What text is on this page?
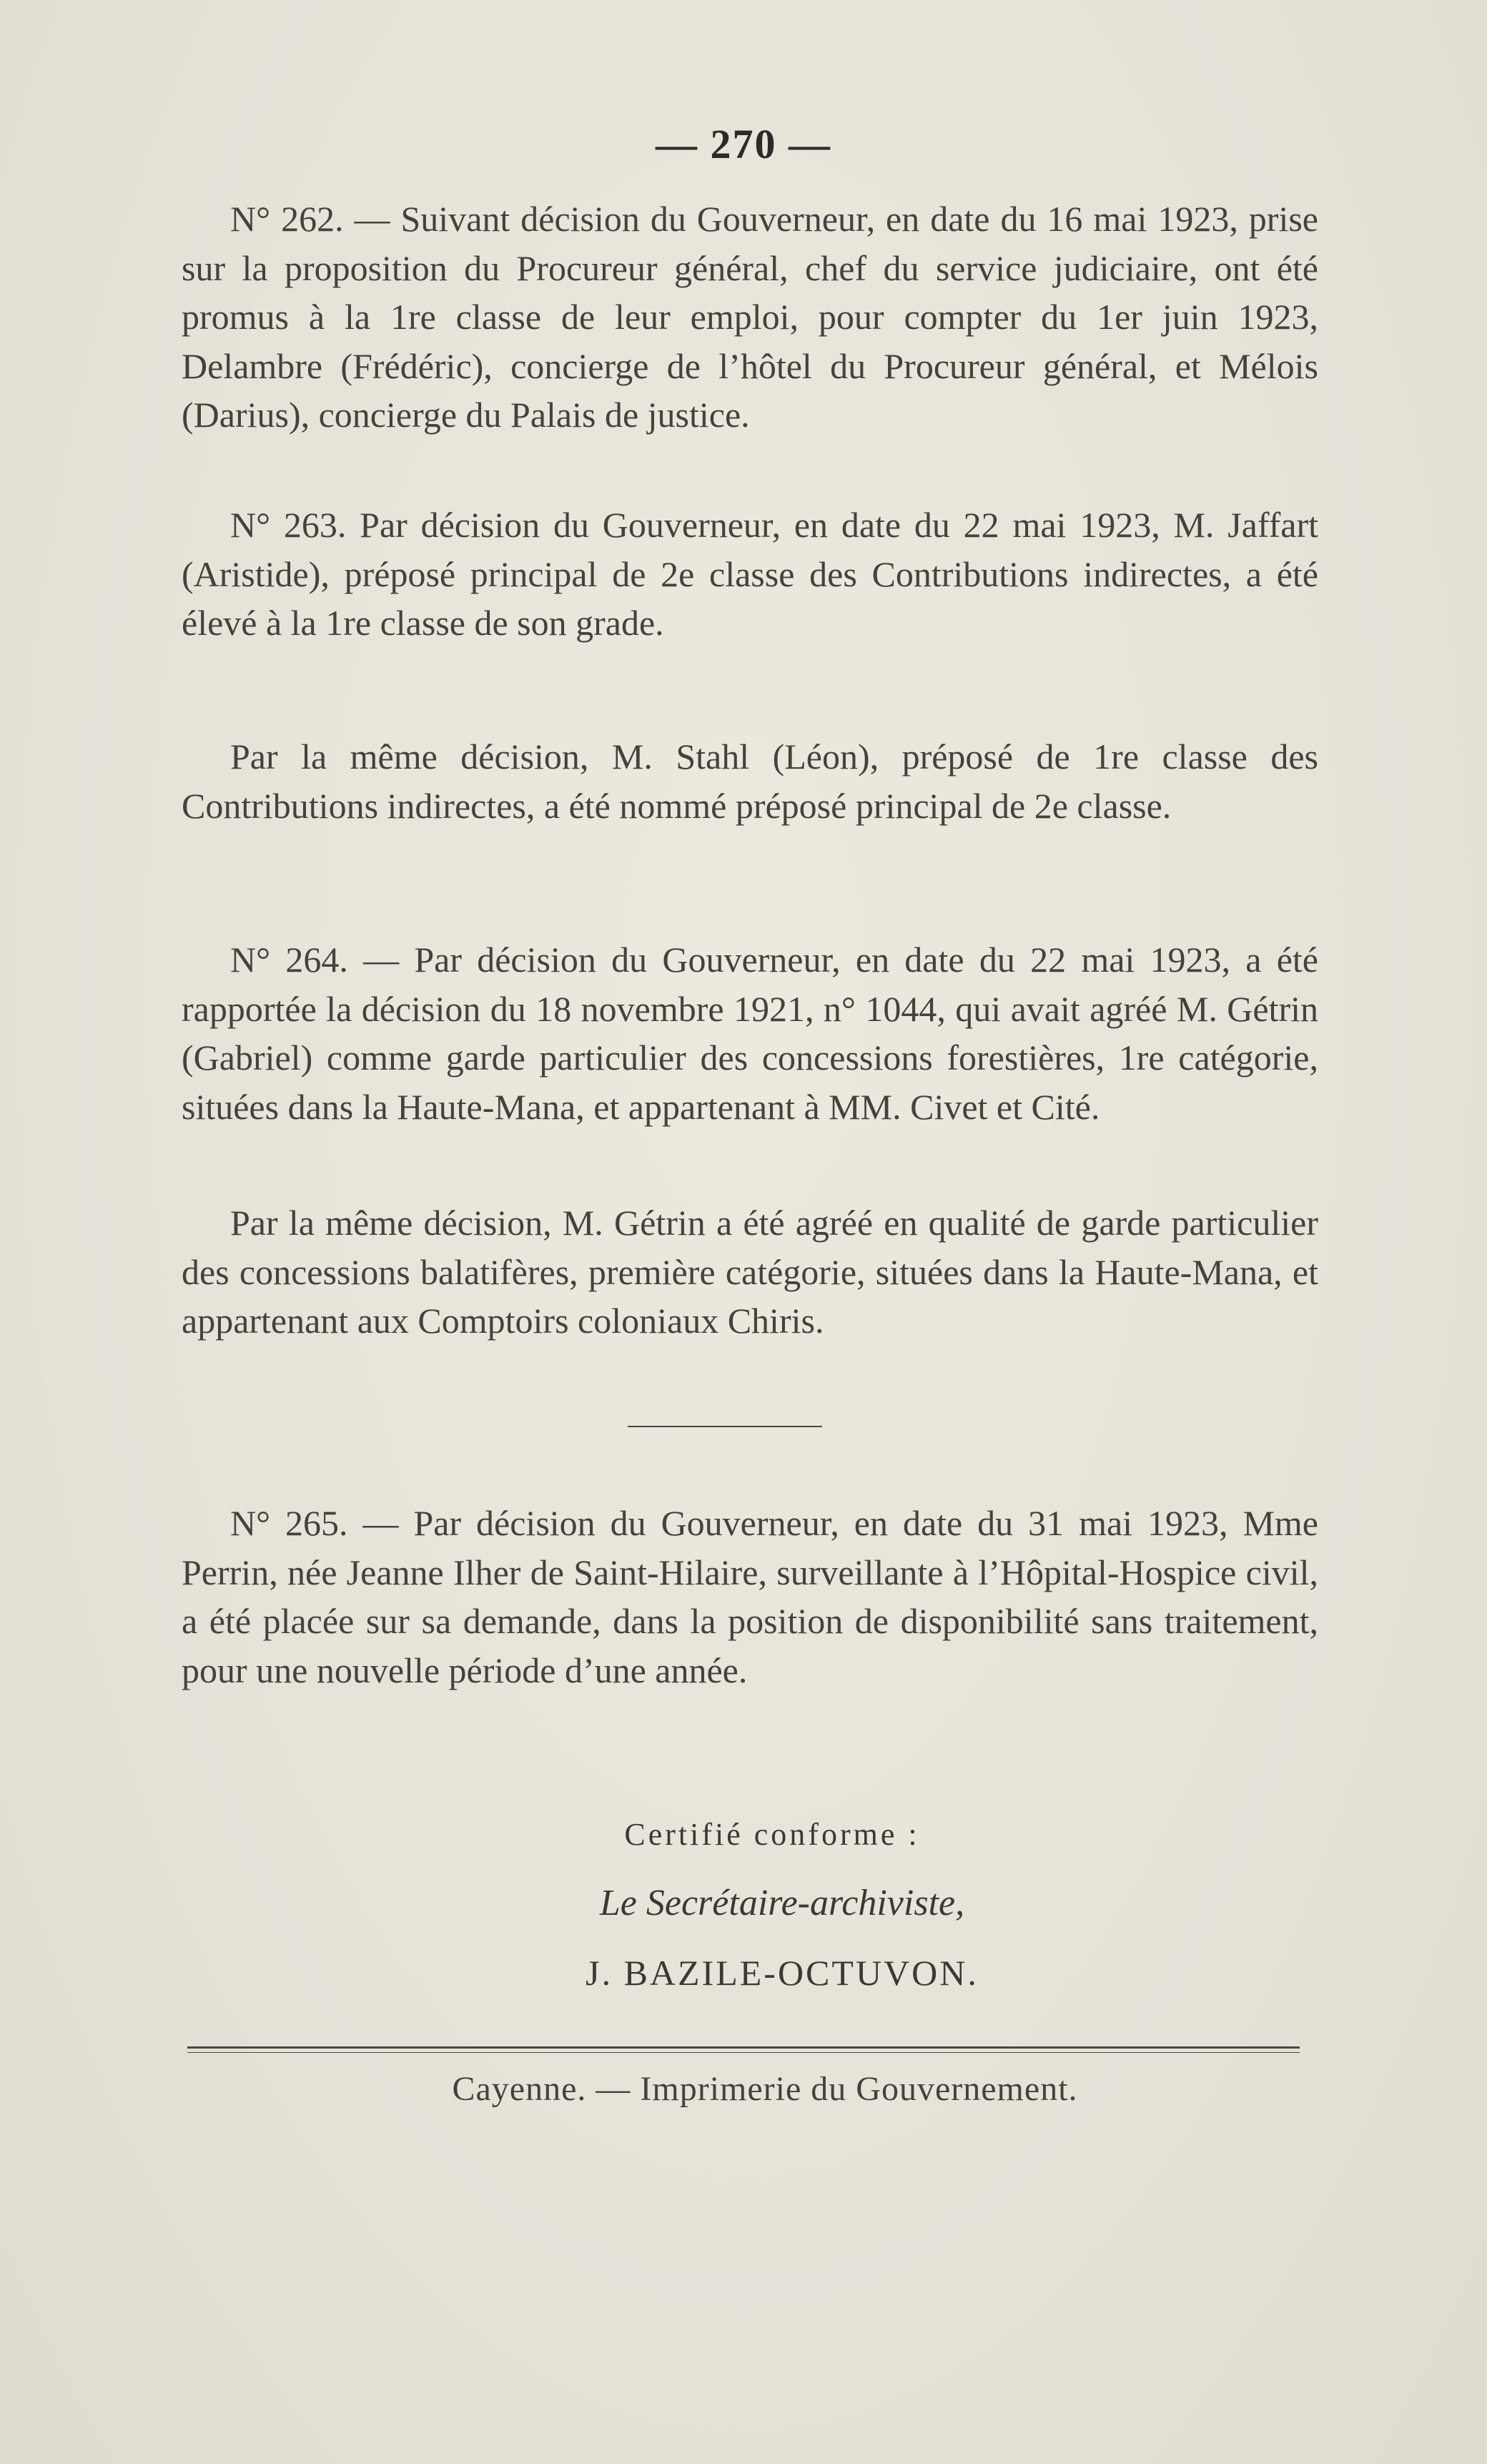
— 270 —

N° 262. — Suivant décision du Gouverneur, en date du 16 mai 1923, prise sur la proposition du Procureur général, chef du service judiciaire, ont été promus à la 1re classe de leur emploi, pour compter du 1er juin 1923, Delambre (Frédéric), concierge de l’hôtel du Procureur général, et Mélois (Darius), concierge du Palais de justice.

N° 263. Par décision du Gouverneur, en date du 22 mai 1923, M. Jaffart (Aristide), préposé principal de 2e classe des Contributions indirectes, a été élevé à la 1re classe de son grade.

Par la même décision, M. Stahl (Léon), préposé de 1re classe des Contributions indirectes, a été nommé préposé principal de 2e classe.

N° 264. — Par décision du Gouverneur, en date du 22 mai 1923, a été rapportée la décision du 18 novembre 1921, n° 1044, qui avait agréé M. Gétrin (Gabriel) comme garde particulier des concessions forestières, 1re catégorie, situées dans la Haute-Mana, et appartenant à MM. Civet et Cité.

Par la même décision, M. Gétrin a été agréé en qualité de garde particulier des concessions balatifères, première catégorie, situées dans la Haute-Mana, et appartenant aux Comptoirs coloniaux Chiris.

N° 265. — Par décision du Gouverneur, en date du 31 mai 1923, Mme Perrin, née Jeanne Ilher de Saint-Hilaire, surveillante à l’Hôpital-Hospice civil, a été placée sur sa demande, dans la position de disponibilité sans traitement, pour une nouvelle période d’une année.

Certifié conforme :
Le Secrétaire-archiviste,
J. BAZILE-OCTUVON.
Cayenne. — Imprimerie du Gouvernement.
